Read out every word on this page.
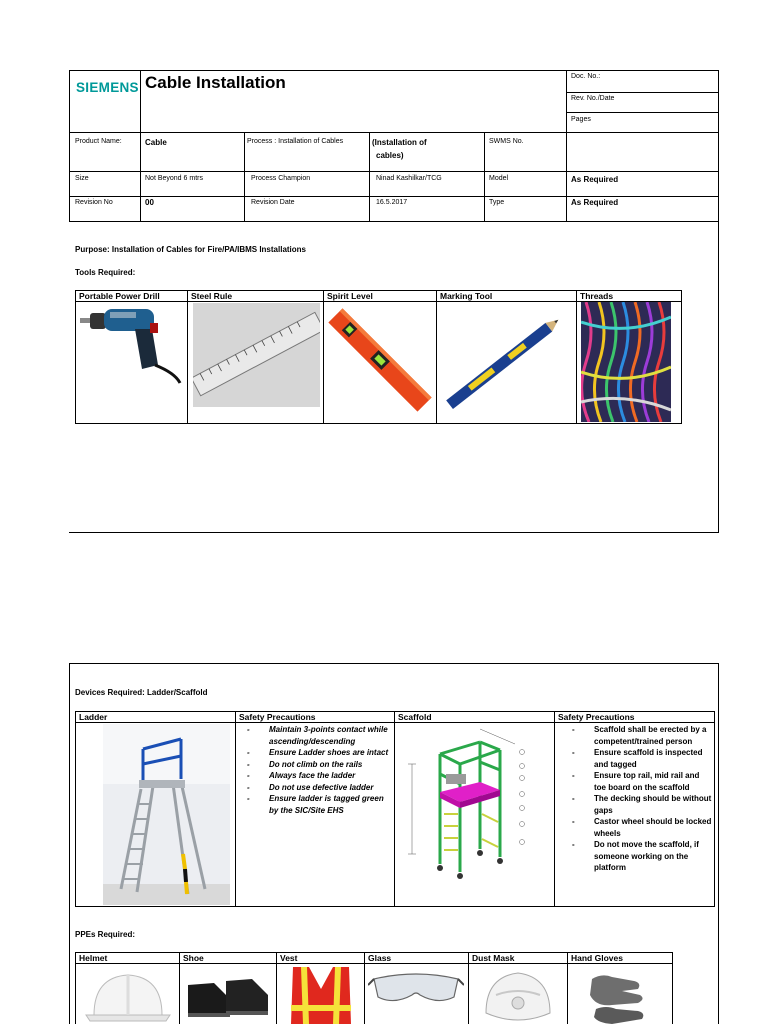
SIEMENS Cable Installation	Doc. No.:
Rev. No./Date
Pages
Product Name:	Cable	Process : Installation of Cables	(Installation of
cables)
SWMS No.
Size	Not Beyond 6 mtrs	Process Champion	Ninad Kashilkar/TCG	Model	As Required
Revision No	00	Revision Date	16.5.2017	Type	As Required
Purpose: Installation of Cables for Fire/PA/IBMS Installations
Tools Required:
Portable Power Drill	Steel Rule	Spirit Level	Marking Tool	Threads
Devices Required: Ladder/Scaffold
Ladder	Safety Precautions	Scaffold	Safety Precautions
- Maintain 3-points contact while ascending/descending
- Ensure Ladder shoes are intact
- Do not climb on the rails
- Always face the ladder
- Do not use defective ladder
- Ensure ladder is tagged green by the SIC/Site EHS
- Scaffold shall be erected by a competent/trained person
- Ensure scaffold is inspected and tagged
- Ensure top rail, mid rail and toe board on the scaffold
- The decking should be without gaps
- Castor wheel should be locked wheels
- Do not move the scaffold, if someone working on the platform
PPEs Required:
Helmet	Shoe	Vest	Glass	Dust Mask	Hand Gloves
